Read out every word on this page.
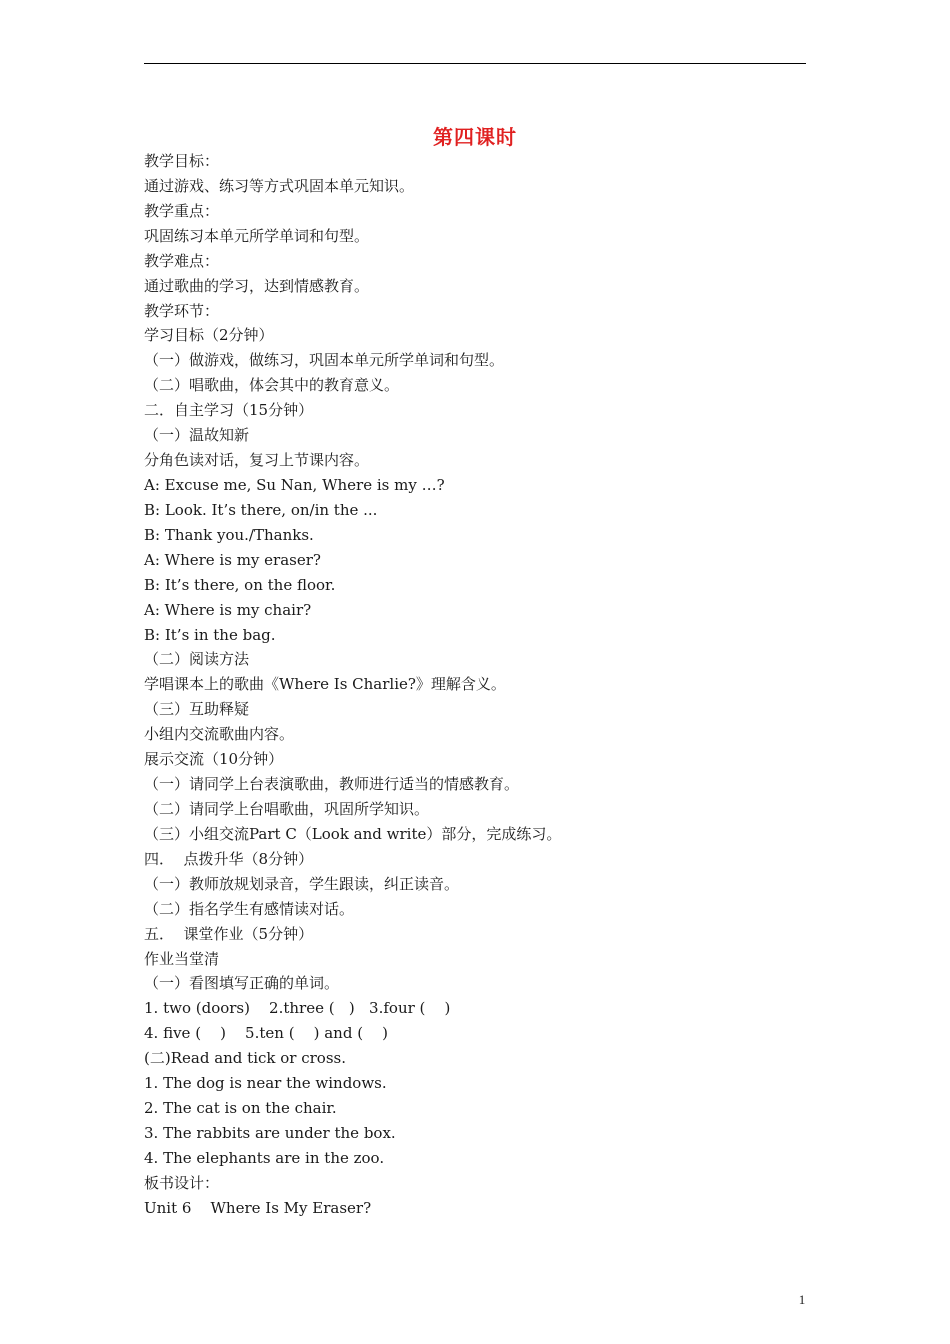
第四课时
教学目标：
通过游戏、练习等方式巩固本单元知识。
教学重点：
巩固练习本单元所学单词和句型。
教学难点：
通过歌曲的学习，达到情感教育。
教学环节：
学习目标（2分钟）
（一）做游戏，做练习，巩固本单元所学单词和句型。
（二）唱歌曲，体会其中的教育意义。
二．自主学习（15分钟）
（一）温故知新
分角色读对话，复习上节课内容。
A: Excuse me, Su Nan, Where is my …?
B: Look. It’s there, on/in the ...
B: Thank you./Thanks.
A: Where is my eraser?
B: It’s there, on the floor.
A: Where is my chair?
B: It’s in the bag.
（二）阅读方法
学唱课本上的歌曲《Where Is Charlie?》理解含义。
（三）互助释疑
小组内交流歌曲内容。
展示交流（10分钟）
（一）请同学上台表演歌曲，教师进行适当的情感教育。
（二）请同学上台唱歌曲，巩固所学知识。
（三）小组交流Part C（Look and write）部分，完成练习。
四．  点拨升华（8分钟）
（一）教师放规划录音，学生跟读，纠正读音。
（二）指名学生有感情读对话。
五．  课堂作业（5分钟）
作业当堂清
（一）看图填写正确的单词。
1. two (doors)    2.three (   )   3.four (    )
4. five (    )    5.ten (    ) and (    )
(二)Read and tick or cross.
1. The dog is near the windows.
2. The cat is on the chair.
3. The rabbits are under the box.
4. The elephants are in the zoo.
板书设计：
Unit 6    Where Is My Eraser?
1
